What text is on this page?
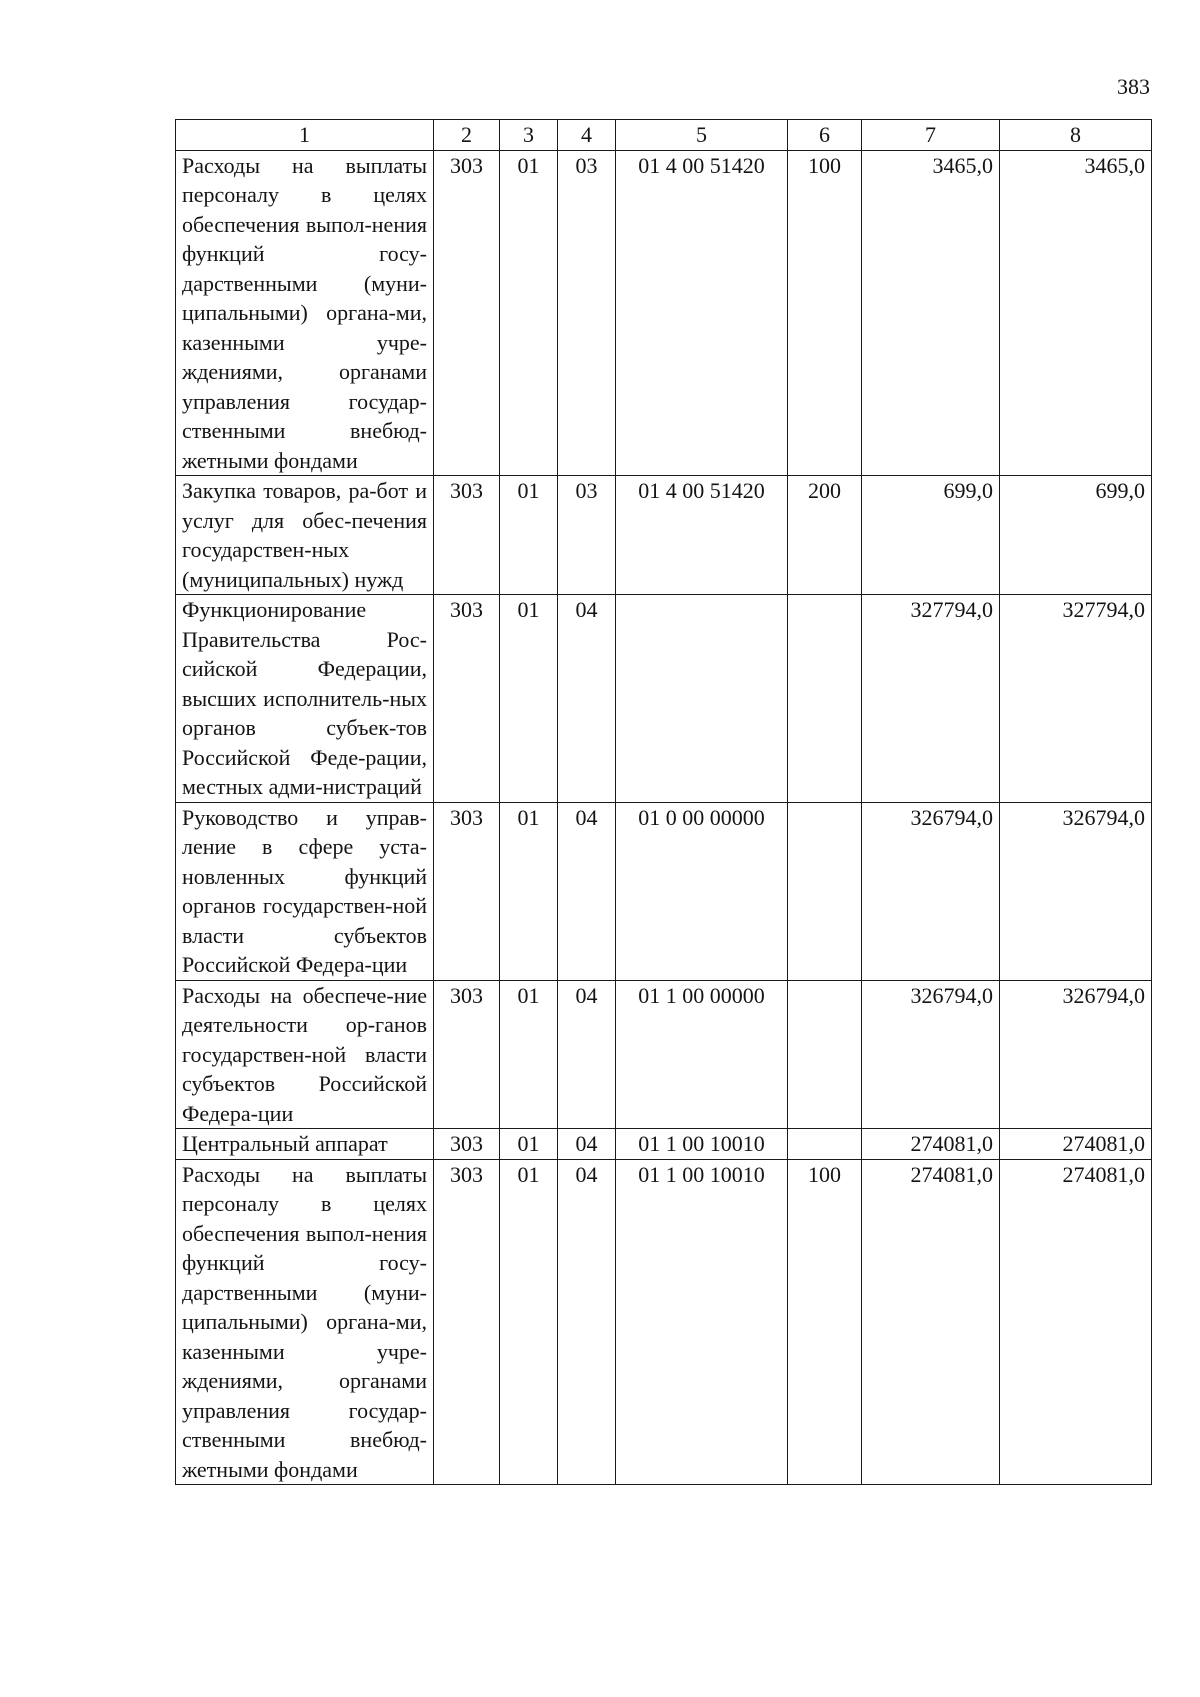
383
1	2	3	4	5	6	7	8
Расходы на выплаты персоналу в целях обеспечения выпол-нения функций госу-дарственными (муни-ципальными) органа-ми, казенными учре-ждениями, органами управления государ-ственными внебюд-жетными фондами	303	01	03	01 4 00 51420	100	3465,0	3465,0
Закупка товаров, ра-бот и услуг для обес-печения государствен-ных (муниципальных) нужд	303	01	03	01 4 00 51420	200	699,0	699,0
Функционирование Правительства Рос-сийской Федерации, высших исполнитель-ных органов субъек-тов Российской Феде-рации, местных адми-нистраций	303	01	04			327794,0	327794,0
Руководство и управ-ление в сфере уста-новленных функций органов государствен-ной власти субъектов Российской Федера-ции	303	01	04	01 0 00 00000		326794,0	326794,0
Расходы на обеспече-ние деятельности ор-ганов государствен-ной власти субъектов Российской Федера-ции	303	01	04	01 1 00 00000		326794,0	326794,0
Центральный аппарат	303	01	04	01 1 00 10010		274081,0	274081,0
Расходы на выплаты персоналу в целях обеспечения выпол-нения функций госу-дарственными (муни-ципальными) органа-ми, казенными учре-ждениями, органами управления государ-ственными внебюд-жетными фондами	303	01	04	01 1 00 10010	100	274081,0	274081,0
